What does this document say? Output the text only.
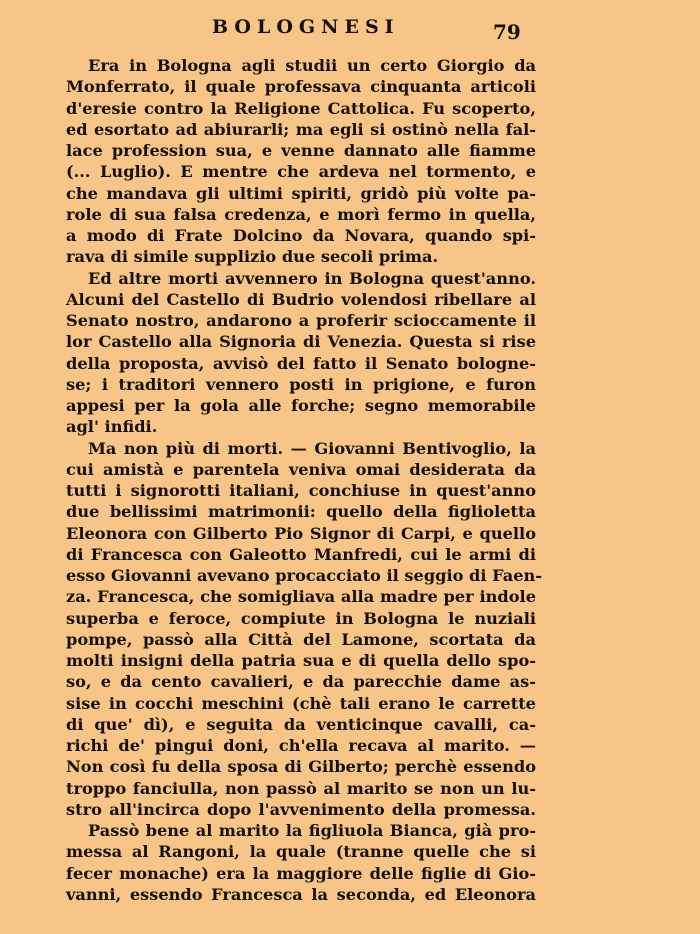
BOLOGNESI	79
Era in Bologna agli studii un certo Giorgio da
Monferrato, il quale professava cinquanta articoli
d'eresie contro la Religione Cattolica. Fu scoperto,
ed esortato ad abiurarli; ma egli si ostinò nella fal-
lace profession sua, e venne dannato alle fiamme
(... Luglio). E mentre che ardeva nel tormento, e
che mandava gli ultimi spiriti, gridò più volte pa-
role di sua falsa credenza, e morì fermo in quella,
a modo di Frate Dolcino da Novara, quando spi-
rava di simile supplizio due secoli prima.
Ed altre morti avvennero in Bologna quest'anno.
Alcuni del Castello di Budrio volendosi ribellare al
Senato nostro, andarono a proferir scioccamente il
lor Castello alla Signoria di Venezia. Questa si rise
della proposta, avvisò del fatto il Senato bologne-
se; i traditori vennero posti in prigione, e furon
appesi per la gola alle forche; segno memorabile
agl' infidi.
Ma non più di morti. — Giovanni Bentivoglio, la
cui amistà e parentela veniva omai desiderata da
tutti i signorotti italiani, conchiuse in quest'anno
due bellissimi matrimonii: quello della figlioletta
Eleonora con Gilberto Pio Signor di Carpi, e quello
di Francesca con Galeotto Manfredi, cui le armi di
esso Giovanni avevano procacciato il seggio di Faen-
za. Francesca, che somigliava alla madre per indole
superba e feroce, compiute in Bologna le nuziali
pompe, passò alla Città del Lamone, scortata da
molti insigni della patria sua e di quella dello spo-
so, e da cento cavalieri, e da parecchie dame as-
sise in cocchi meschini (chè tali erano le carrette
di que' dì), e seguita da venticinque cavalli, ca-
richi de' pingui doni, ch'ella recava al marito. —
Non così fu della sposa di Gilberto; perchè essendo
troppo fanciulla, non passò al marito se non un lu-
stro all'incirca dopo l'avvenimento della promessa.
Passò bene al marito la figliuola Bianca, già pro-
messa al Rangoni, la quale (tranne quelle che si
fecer monache) era la maggiore delle figlie di Gio-
vanni, essendo Francesca la seconda, ed Eleonora
